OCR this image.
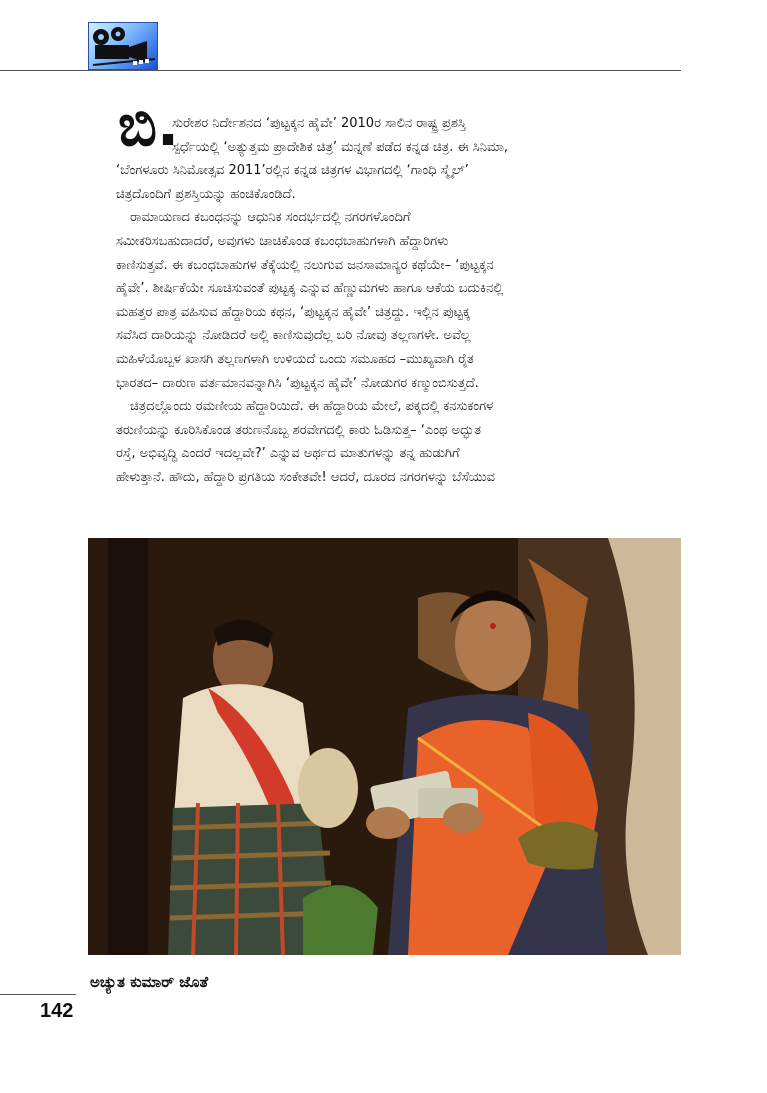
ಬಿ.

ಸುರೇಶರ ನಿರ್ದೇಶನದ ‘ಪುಟ್ಟಕ್ಕನ ಹೈವೇ’ 2010ರ ಸಾಲಿನ ರಾಷ್ಟ್ರ ಪ್ರಶಸ್ತಿ

ಸ್ಪರ್ಧೆಯಲ್ಲಿ ‘ಅತ್ಯುತ್ತಮ ಪ್ರಾದೇಶಿಕ ಚಿತ್ರ’ ಮನ್ನಣೆ ಪಡೆದ ಕನ್ನಡ ಚಿತ್ರ. ಈ ಸಿನಿಮಾ,

‘ಬೆಂಗಳೂರು ಸಿನಿಮೋತ್ಸವ 2011’ರಲ್ಲಿನ ಕನ್ನಡ ಚಿತ್ರಗಳ ವಿಭಾಗದಲ್ಲಿ ‘ಗಾಂಧಿ ಸ್ಮೈಲ್’

ಚಿತ್ರದೊಂದಿಗೆ ಪ್ರಶಸ್ತಿಯನ್ನು ಹಂಚಿಕೊಂಡಿದೆ.

ರಾಮಾಯಣದ ಕಬಂಧನನ್ನು ಆಧುನಿಕ ಸಂದರ್ಭದಲ್ಲಿ ನಗರಗಳೊಂದಿಗೆ

ಸಮೀಕರಿಸಬಹುದಾದರೆ, ಅವುಗಳು ಚಾಚಿಕೊಂಡ ಕಬಂಧಬಾಹುಗಳಾಗಿ ಹೆದ್ದಾರಿಗಳು

ಕಾಣಿಸುತ್ತವೆ. ಈ ಕಬಂಧಬಾಹುಗಳ ತೆಕ್ಕೆಯಲ್ಲಿ ನಲುಗುವ ಜನಸಾಮಾನ್ಯರ ಕಥೆಯೇ– ‘ಪುಟ್ಟಕ್ಕನ

ಹೈವೇ’. ಶೀರ್ಷಿಕೆಯೇ ಸೂಚಿಸುವಂತೆ ಪುಟ್ಟಕ್ಕ ಎನ್ನುವ ಹೆಣ್ಣುಮಗಳು ಹಾಗೂ ಆಕೆಯ ಬದುಕಿನಲ್ಲಿ

ಮಹತ್ತರ ಪಾತ್ರ ವಹಿಸುವ ಹೆದ್ದಾರಿಯ ಕಥನ, ‘ಪುಟ್ಟಕ್ಕನ ಹೈವೇ’ ಚಿತ್ರದ್ದು. ಇಲ್ಲಿನ ಪುಟ್ಟಕ್ಕ

ಸವೆಸಿದ ದಾರಿಯನ್ನು ನೋಡಿದರೆ ಅಲ್ಲಿ ಕಾಣಿಸುವುದೆಲ್ಲ ಬರಿ ನೋವು ತಲ್ಲಣಗಳೇ. ಅವೆಲ್ಲ

ಮಹಿಳೆಯೊಬ್ಬಳ ಖಾಸಗಿ ತಲ್ಲಣಗಳಾಗಿ ಉಳಿಯದೆ ಒಂದು ಸಮೂಹದ –ಮುಖ್ಯವಾಗಿ ರೈತ

ಭಾರತದ– ದಾರುಣ ವರ್ತಮಾನವನ್ನಾಗಿಸಿ ‘ಪುಟ್ಟಕ್ಕನ ಹೈವೇ’ ನೋಡುಗರ ಕಣ್ಮುಂಬಿಸುತ್ತದೆ.

ಚಿತ್ರದಲ್ಲೊಂದು ರಮಣೀಯ ಹೆದ್ದಾರಿಯಿದೆ. ಈ ಹೆದ್ದಾರಿಯ ಮೇಲೆ, ಪಕ್ಕದಲ್ಲಿ ಕನಸುಕಂಗಳ

ತರುಣಿಯನ್ನು ಕೂರಿಸಿಕೊಂಡ ತರುಣನೊಬ್ಬ ಶರವೇಗದಲ್ಲಿ ಕಾರು ಓಡಿಸುತ್ತ– ‘ಎಂಥ ಅದ್ಭುತ

ರಸ್ತೆ, ಅಭಿವೃದ್ಧಿ ಎಂದರೆ ಇದಲ್ಲವೇ?’ ಎನ್ನುವ ಅರ್ಥದ ಮಾತುಗಳನ್ನು ತನ್ನ ಹುಡುಗಿಗೆ

ಹೇಳುತ್ತಾನೆ. ಹೌದು, ಹೆದ್ದಾರಿ ಪ್ರಗತಿಯ ಸಂಕೇತವೇ! ಆದರೆ, ದೂರದ ನಗರಗಳನ್ನು ಬೆಸೆಯುವ

ಅಚ್ಯುತ ಕುಮಾರ್ ಜೊತೆ
142
